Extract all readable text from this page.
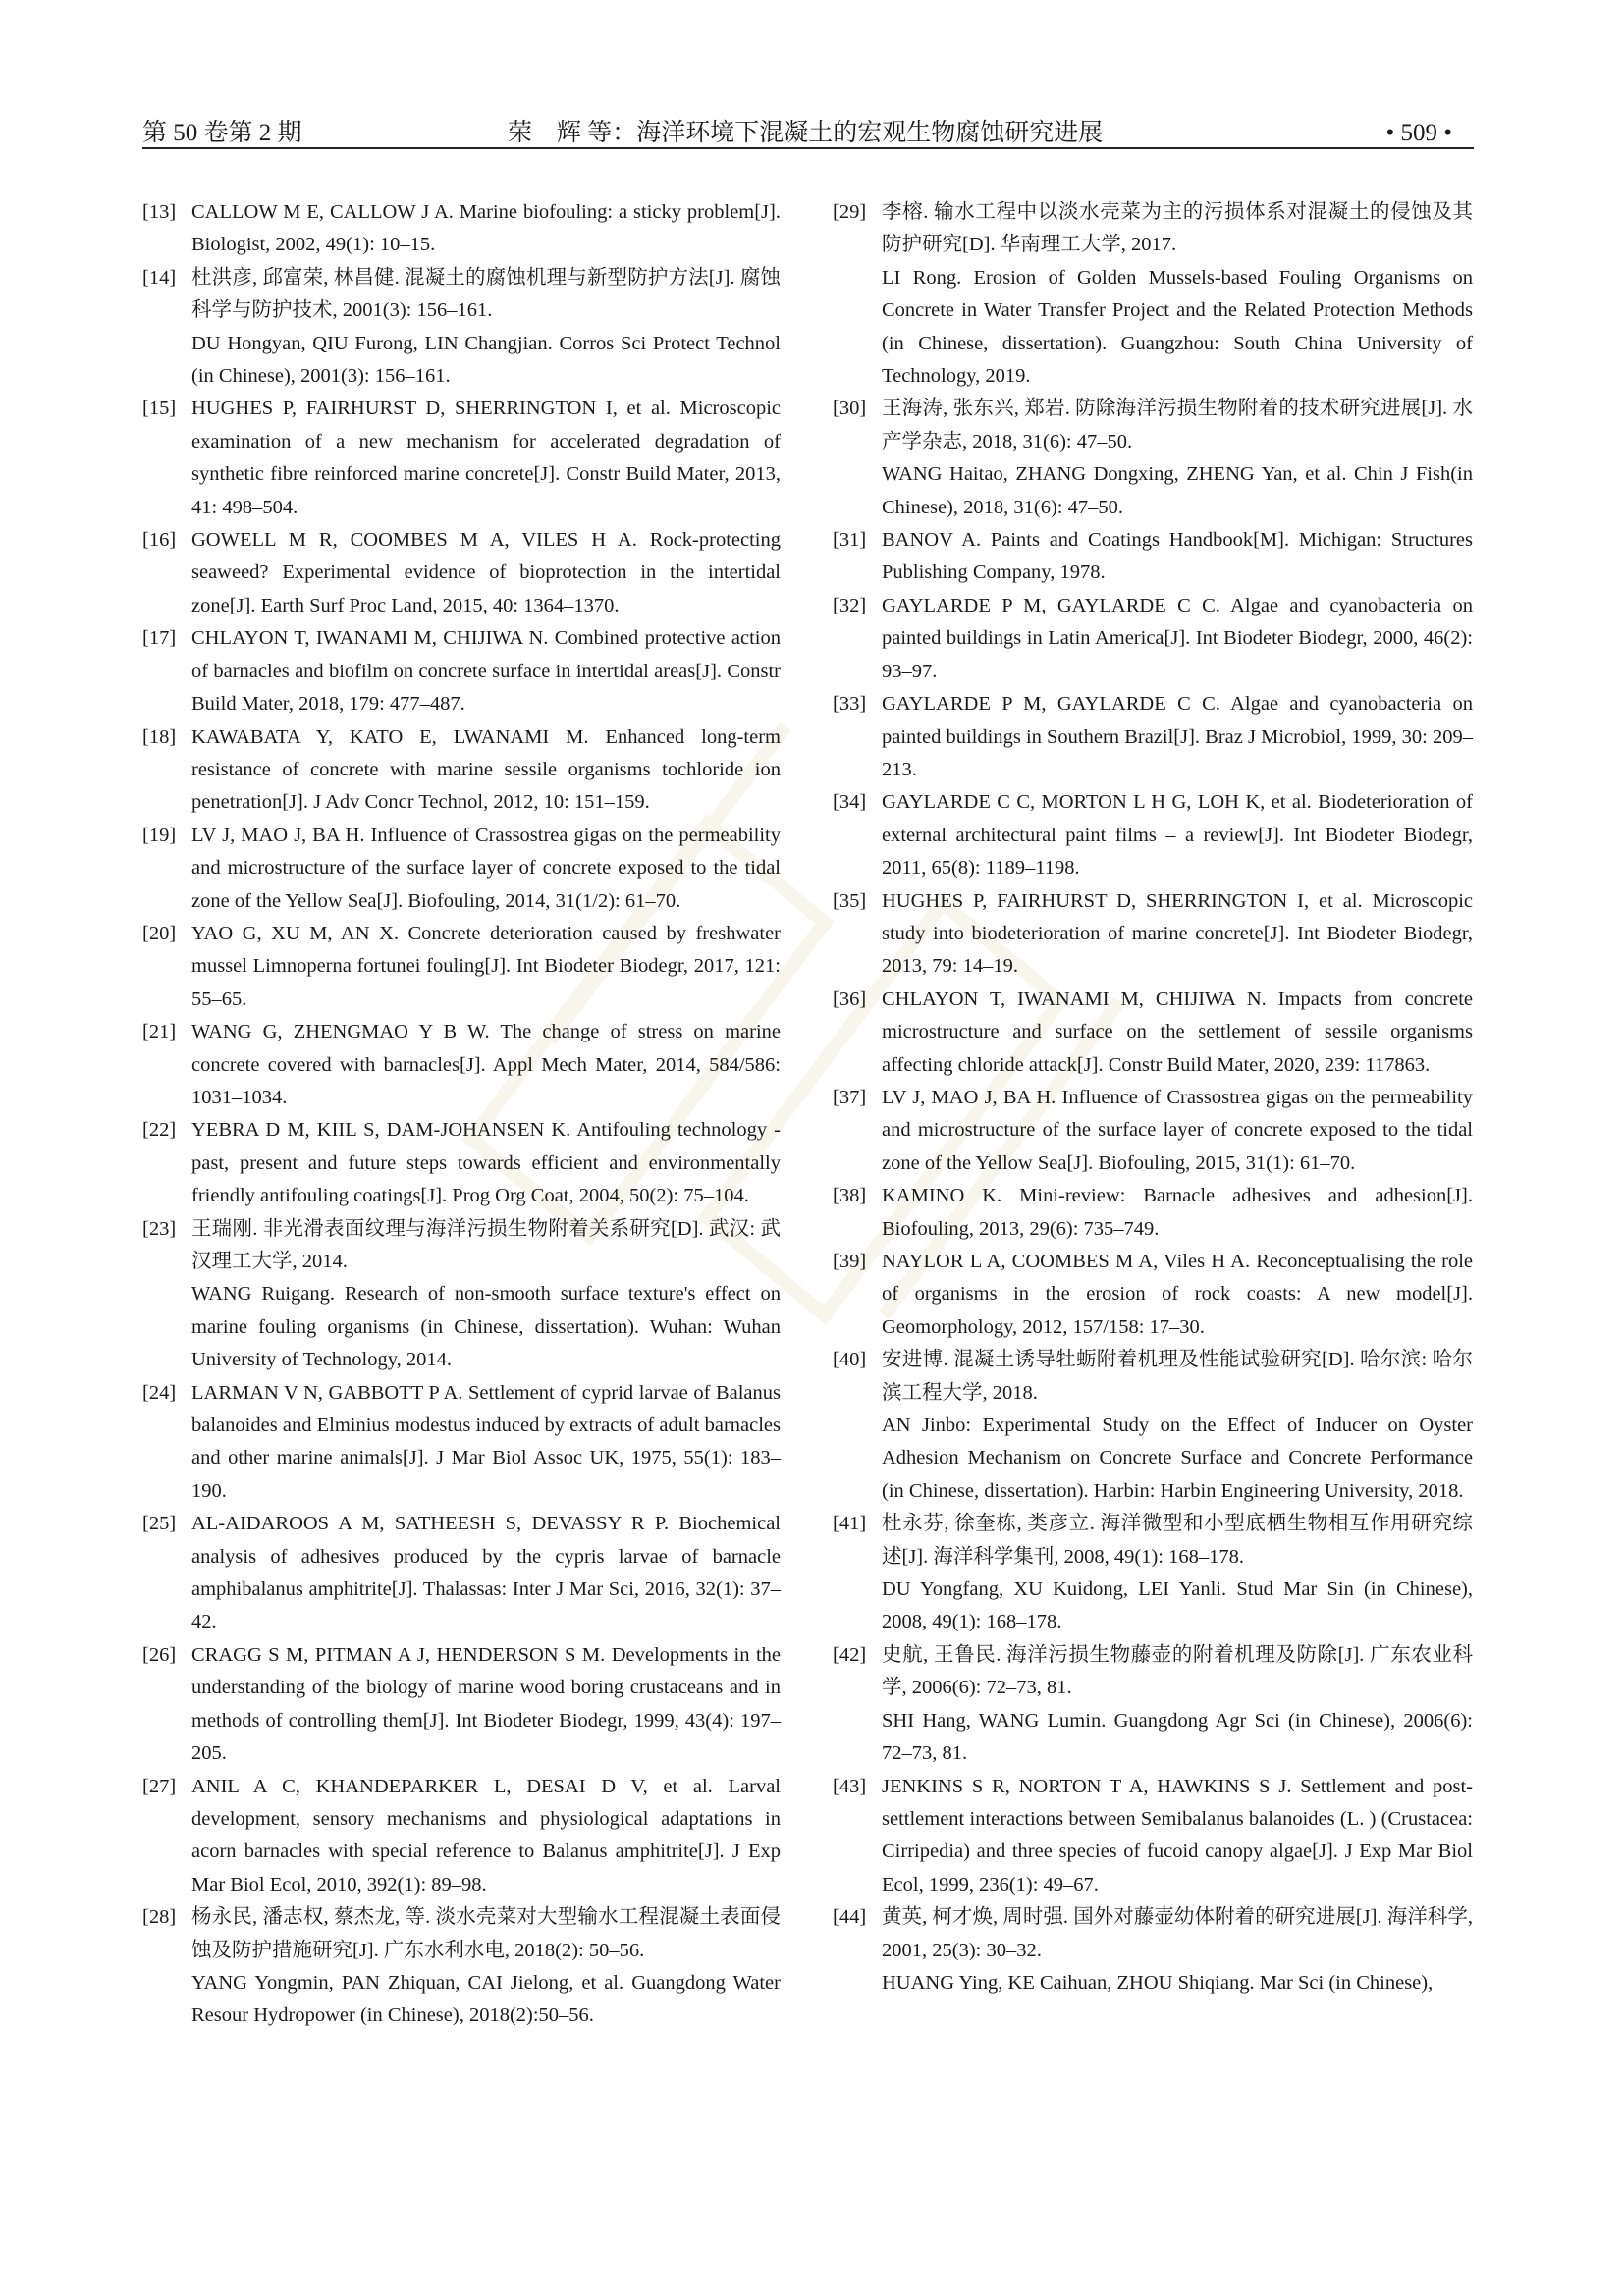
第 50 卷第 2 期	荣　辉 等：海洋环境下混凝土的宏观生物腐蚀研究进展	• 509 •
[13] CALLOW M E, CALLOW J A. Marine biofouling: a sticky problem[J]. Biologist, 2002, 49(1): 10–15.
[14] 杜洪彦, 邱富荣, 林昌健. 混凝土的腐蚀机理与新型防护方法[J]. 腐蚀科学与防护技术, 2001(3): 156–161.
DU Hongyan, QIU Furong, LIN Changjian. Corros Sci Protect Technol (in Chinese), 2001(3): 156–161.
[15] HUGHES P, FAIRHURST D, SHERRINGTON I, et al. Microscopic examination of a new mechanism for accelerated degradation of synthetic fibre reinforced marine concrete[J]. Constr Build Mater, 2013, 41: 498–504.
[16] GOWELL M R, COOMBES M A, VILES H A. Rock-protecting seaweed? Experimental evidence of bioprotection in the intertidal zone[J]. Earth Surf Proc Land, 2015, 40: 1364–1370.
[17] CHLAYON T, IWANAMI M, CHIJIWA N. Combined protective action of barnacles and biofilm on concrete surface in intertidal areas[J]. Constr Build Mater, 2018, 179: 477–487.
[18] KAWABATA Y, KATO E, LWANAMI M. Enhanced long-term resistance of concrete with marine sessile organisms tochloride ion penetration[J]. J Adv Concr Technol, 2012, 10: 151–159.
[19] LV J, MAO J, BA H. Influence of Crassostrea gigas on the permeability and microstructure of the surface layer of concrete exposed to the tidal zone of the Yellow Sea[J]. Biofouling, 2014, 31(1/2): 61–70.
[20] YAO G, XU M, AN X. Concrete deterioration caused by freshwater mussel Limnoperna fortunei fouling[J]. Int Biodeter Biodegr, 2017, 121: 55–65.
[21] WANG G, ZHENGMAO Y B W. The change of stress on marine concrete covered with barnacles[J]. Appl Mech Mater, 2014, 584/586: 1031–1034.
[22] YEBRA D M, KIIL S, DAM-JOHANSEN K. Antifouling technology - past, present and future steps towards efficient and environmentally friendly antifouling coatings[J]. Prog Org Coat, 2004, 50(2): 75–104.
[23] 王瑞刚. 非光滑表面纹理与海洋污损生物附着关系研究[D]. 武汉: 武汉理工大学, 2014.
WANG Ruigang. Research of non-smooth surface texture's effect on marine fouling organisms (in Chinese, dissertation). Wuhan: Wuhan University of Technology, 2014.
[24] LARMAN V N, GABBOTT P A. Settlement of cyprid larvae of Balanus balanoides and Elminius modestus induced by extracts of adult barnacles and other marine animals[J]. J Mar Biol Assoc UK, 1975, 55(1): 183–190.
[25] AL-AIDAROOS A M, SATHEESH S, DEVASSY R P. Biochemical analysis of adhesives produced by the cypris larvae of barnacle amphibalanus amphitrite[J]. Thalassas: Inter J Mar Sci, 2016, 32(1): 37–42.
[26] CRAGG S M, PITMAN A J, HENDERSON S M. Developments in the understanding of the biology of marine wood boring crustaceans and in methods of controlling them[J]. Int Biodeter Biodegr, 1999, 43(4): 197–205.
[27] ANIL A C, KHANDEPARKER L, DESAI D V, et al. Larval development, sensory mechanisms and physiological adaptations in acorn barnacles with special reference to Balanus amphitrite[J]. J Exp Mar Biol Ecol, 2010, 392(1): 89–98.
[28] 杨永民, 潘志权, 蔡杰龙, 等. 淡水壳菜对大型输水工程混凝土表面侵蚀及防护措施研究[J]. 广东水利水电, 2018(2): 50–56.
YANG Yongmin, PAN Zhiquan, CAI Jielong, et al. Guangdong Water Resour Hydropower (in Chinese), 2018(2):50–56.
[29] 李榕. 输水工程中以淡水壳菜为主的污损体系对混凝土的侵蚀及其防护研究[D]. 华南理工大学, 2017.
LI Rong. Erosion of Golden Mussels-based Fouling Organisms on Concrete in Water Transfer Project and the Related Protection Methods (in Chinese, dissertation). Guangzhou: South China University of Technology, 2019.
[30] 王海涛, 张东兴, 郑岩. 防除海洋污损生物附着的技术研究进展[J]. 水产学杂志, 2018, 31(6): 47–50.
WANG Haitao, ZHANG Dongxing, ZHENG Yan, et al. Chin J Fish(in Chinese), 2018, 31(6): 47–50.
[31] BANOV A. Paints and Coatings Handbook[M]. Michigan: Structures Publishing Company, 1978.
[32] GAYLARDE P M, GAYLARDE C C. Algae and cyanobacteria on painted buildings in Latin America[J]. Int Biodeter Biodegr, 2000, 46(2): 93–97.
[33] GAYLARDE P M, GAYLARDE C C. Algae and cyanobacteria on painted buildings in Southern Brazil[J]. Braz J Microbiol, 1999, 30: 209–213.
[34] GAYLARDE C C, MORTON L H G, LOH K, et al. Biodeterioration of external architectural paint films – a review[J]. Int Biodeter Biodegr, 2011, 65(8): 1189–1198.
[35] HUGHES P, FAIRHURST D, SHERRINGTON I, et al. Microscopic study into biodeterioration of marine concrete[J]. Int Biodeter Biodegr, 2013, 79: 14–19.
[36] CHLAYON T, IWANAMI M, CHIJIWA N. Impacts from concrete microstructure and surface on the settlement of sessile organisms affecting chloride attack[J]. Constr Build Mater, 2020, 239: 117863.
[37] LV J, MAO J, BA H. Influence of Crassostrea gigas on the permeability and microstructure of the surface layer of concrete exposed to the tidal zone of the Yellow Sea[J]. Biofouling, 2015, 31(1): 61–70.
[38] KAMINO K. Mini-review: Barnacle adhesives and adhesion[J]. Biofouling, 2013, 29(6): 735–749.
[39] NAYLOR L A, COOMBES M A, Viles H A. Reconceptualising the role of organisms in the erosion of rock coasts: A new model[J]. Geomorphology, 2012, 157/158: 17–30.
[40] 安进博. 混凝土诱导牡蛎附着机理及性能试验研究[D]. 哈尔滨: 哈尔滨工程大学, 2018.
AN Jinbo: Experimental Study on the Effect of Inducer on Oyster Adhesion Mechanism on Concrete Surface and Concrete Performance (in Chinese, dissertation). Harbin: Harbin Engineering University, 2018.
[41] 杜永芬, 徐奎栋, 类彦立. 海洋微型和小型底栖生物相互作用研究综述[J]. 海洋科学集刊, 2008, 49(1): 168–178.
DU Yongfang, XU Kuidong, LEI Yanli. Stud Mar Sin (in Chinese), 2008, 49(1): 168–178.
[42] 史航, 王鲁民. 海洋污损生物藤壶的附着机理及防除[J]. 广东农业科学, 2006(6): 72–73, 81.
SHI Hang, WANG Lumin. Guangdong Agr Sci (in Chinese), 2006(6): 72–73, 81.
[43] JENKINS S R, NORTON T A, HAWKINS S J. Settlement and post-settlement interactions between Semibalanus balanoides (L. ) (Crustacea: Cirripedia) and three species of fucoid canopy algae[J]. J Exp Mar Biol Ecol, 1999, 236(1): 49–67.
[44] 黄英, 柯才焕, 周时强. 国外对藤壶幼体附着的研究进展[J]. 海洋科学, 2001, 25(3): 30–32.
HUANG Ying, KE Caihuan, ZHOU Shiqiang. Mar Sci (in Chinese),
